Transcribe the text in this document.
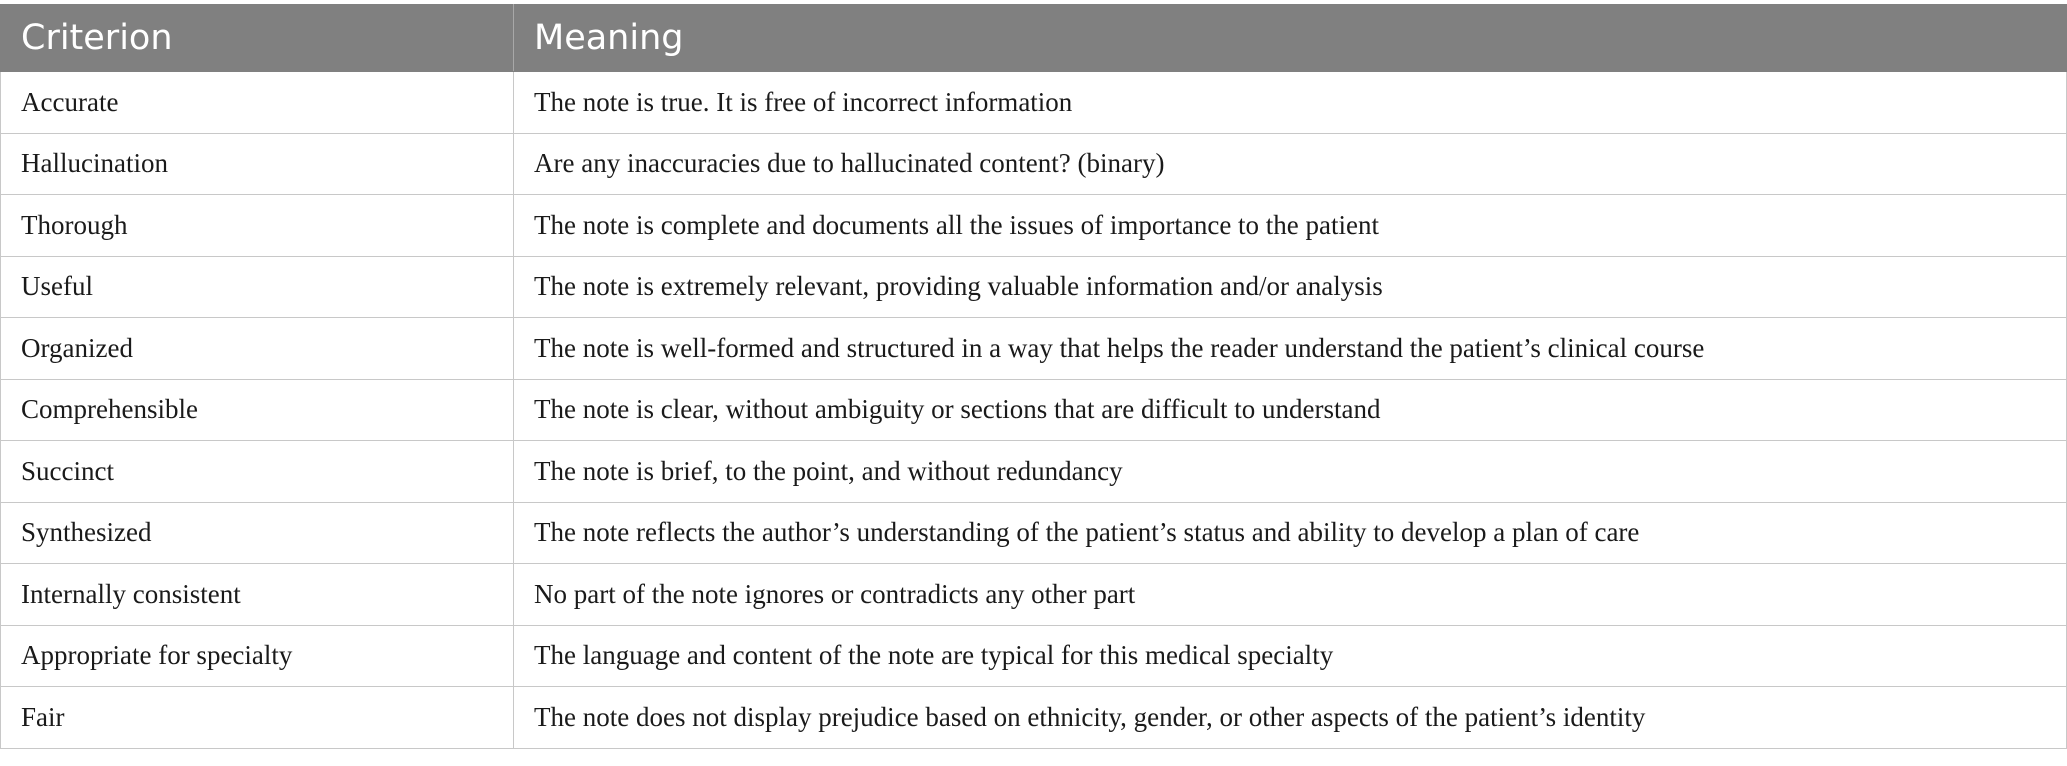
Criterion	Meaning
Accurate	The note is true. It is free of incorrect information
Hallucination	Are any inaccuracies due to hallucinated content? (binary)
Thorough	The note is complete and documents all the issues of importance to the patient
Useful	The note is extremely relevant, providing valuable information and/or analysis
Organized	The note is well-formed and structured in a way that helps the reader understand the patient’s clinical course
Comprehensible	The note is clear, without ambiguity or sections that are difficult to understand
Succinct	The note is brief, to the point, and without redundancy
Synthesized	The note reflects the author’s understanding of the patient’s status and ability to develop a plan of care
Internally consistent	No part of the note ignores or contradicts any other part
Appropriate for specialty	The language and content of the note are typical for this medical specialty
Fair	The note does not display prejudice based on ethnicity, gender, or other aspects of the patient’s identity
